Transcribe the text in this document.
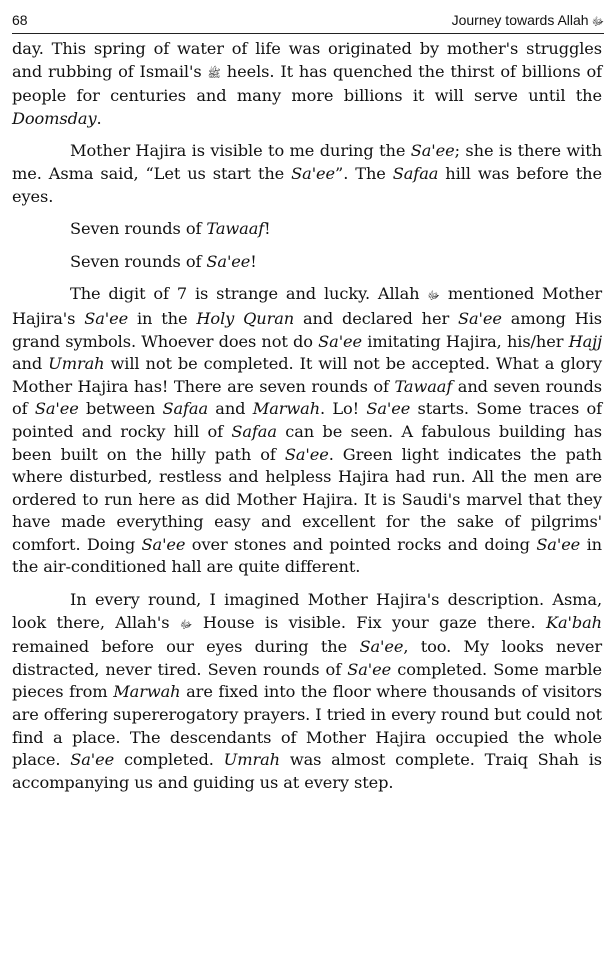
68	Journey towards Allah ﷻ

day. This spring of water of life was originated by mother's struggles and rubbing of Ismail's ﷺ heels. It has quenched the thirst of billions of people for centuries and many more billions it will serve until the Doomsday.

Mother Hajira is visible to me during the Sa'ee; she is there with me. Asma said, “Let us start the Sa'ee”. The Safaa hill was before the eyes.

Seven rounds of Tawaaf!

Seven rounds of Sa'ee!

The digit of 7 is strange and lucky. Allah ﷻ mentioned Mother Hajira's Sa'ee in the Holy Quran and declared her Sa'ee among His grand symbols. Whoever does not do Sa'ee imitating Hajira, his/her Hajj and Umrah will not be completed. It will not be accepted. What a glory Mother Hajira has! There are seven rounds of Tawaaf and seven rounds of Sa'ee between Safaa and Marwah. Lo! Sa'ee starts. Some traces of pointed and rocky hill of Safaa can be seen. A fabulous building has been built on the hilly path of Sa'ee. Green light indicates the path where disturbed, restless and helpless Hajira had run. All the men are ordered to run here as did Mother Hajira. It is Saudi's marvel that they have made everything easy and excellent for the sake of pilgrims' comfort. Doing Sa'ee over stones and pointed rocks and doing Sa'ee in the air-conditioned hall are quite different.

In every round, I imagined Mother Hajira's description. Asma, look there, Allah's ﷻ House is visible. Fix your gaze there. Ka'bah remained before our eyes during the Sa'ee, too. My looks never distracted, never tired. Seven rounds of Sa'ee completed. Some marble pieces from Marwah are fixed into the floor where thousands of visitors are offering supererogatory prayers. I tried in every round but could not find a place. The descendants of Mother Hajira occupied the whole place. Sa'ee completed. Umrah was almost complete. Traiq Shah is accompanying us and guiding us at every step.
